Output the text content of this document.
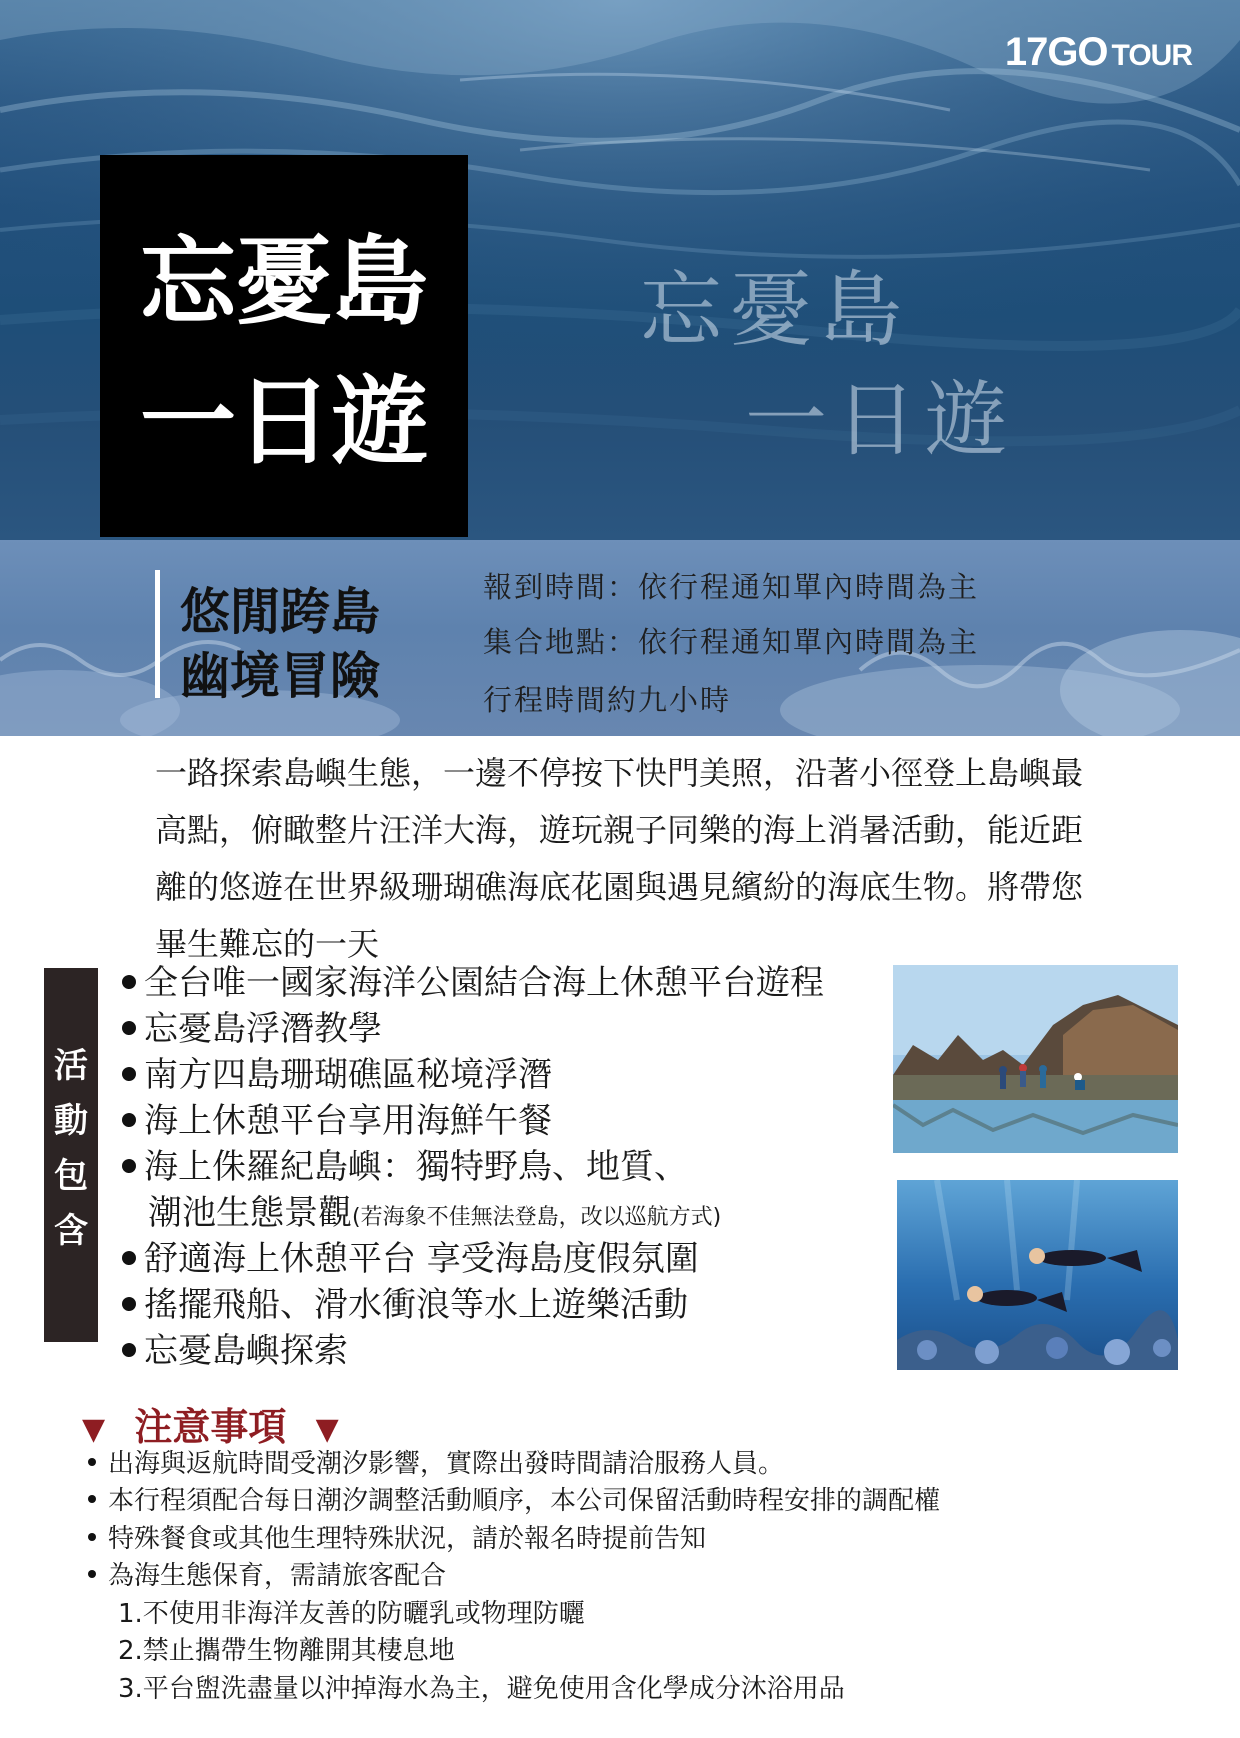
17GO TOUR
忘憂島
一日遊
忘憂島
一日遊
悠閒跨島
幽境冒險
報到時間：依行程通知單內時間為主
集合地點：依行程通知單內時間為主
行程時間約九小時
一路探索島嶼生態，一邊不停按下快門美照，沿著小徑登上島嶼最
高點，俯瞰整片汪洋大海，遊玩親子同樂的海上消暑活動，能近距
離的悠遊在世界級珊瑚礁海底花園與遇見繽紛的海底生物。將帶您
畢生難忘的一天
活
動
包
含
全台唯一國家海洋公園結合海上休憩平台遊程
忘憂島浮潛教學
南方四島珊瑚礁區秘境浮潛
海上休憩平台享用海鮮午餐
海上侏羅紀島嶼：獨特野鳥、地質、
潮池生態景觀(若海象不佳無法登島，改以巡航方式)
舒適海上休憩平台 享受海島度假氛圍
搖擺飛船、滑水衝浪等水上遊樂活動
忘憂島嶼探索
▼ 注意事項 ▼
出海與返航時間受潮汐影響，實際出發時間請洽服務人員。
本行程須配合每日潮汐調整活動順序，本公司保留活動時程安排的調配權
特殊餐食或其他生理特殊狀況，請於報名時提前告知
為海生態保育，需請旅客配合
1.不使用非海洋友善的防曬乳或物理防曬
2.禁止攜帶生物離開其棲息地
3.平台盥洗盡量以沖掉海水為主，避免使用含化學成分沐浴用品
